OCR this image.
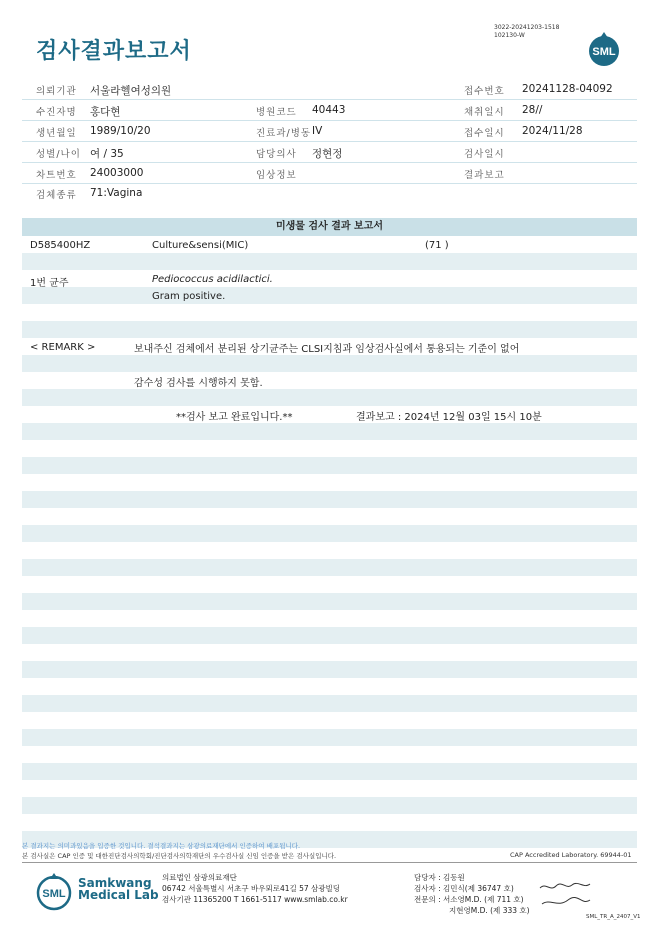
검사결과보고서
3022-20241203-1518
102130-W
SML
의뢰기관 서울라헬여성의원	접수번호 20241128-04092
수진자명 홍다현	병원코드 40443	채취일시 28//
생년월일 1989/10/20	진료과/병동 IV	접수일시 2024/11/28
성별/나이 여 / 35	담당의사 정현정	검사일시
차트번호 24003000	임상정보	결과보고
검체종류 71:Vagina
미생물 검사 결과 보고서
D585400HZ	Culture&sensi(MIC)	(71 )
1번 균주	Pediococcus acidilactici.
Gram positive.
< REMARK >	보내주신 검체에서 분리된 상기균주는 CLSI지침과 임상검사실에서 통용되는 기준이 없어
감수성 검사를 시행하지 못함.
**검사 보고 완료입니다.**	결과보고 : 2024년 12월 03일 15시 10분
본 결과지는 의미과있음을 입증한 것입니다. 결석결과지는 삼광의료재단에서 인증하여 배포됩니다.
본 검사실은 CAP 인증 및 대한진단검사의학회/진단검사의학재단의 우수검사실 신임 인증을 받은 검사실입니다.	CAP Accredited Laboratory. 69944-01
SML
Samkwang
Medical Lab
의료법인 삼광의료재단
06742 서울특별시 서초구 바우뫼로41길 57 삼광빌딩
검사기관 11365200 T 1661-5117 www.smlab.co.kr
담당자 : 김동원
검사자 : 김민식(제 36747 호)
전문의 : 서소영M.D. (제 711 호)
지현영M.D. (제 333 호)
SML_TR_A_2407_V1
